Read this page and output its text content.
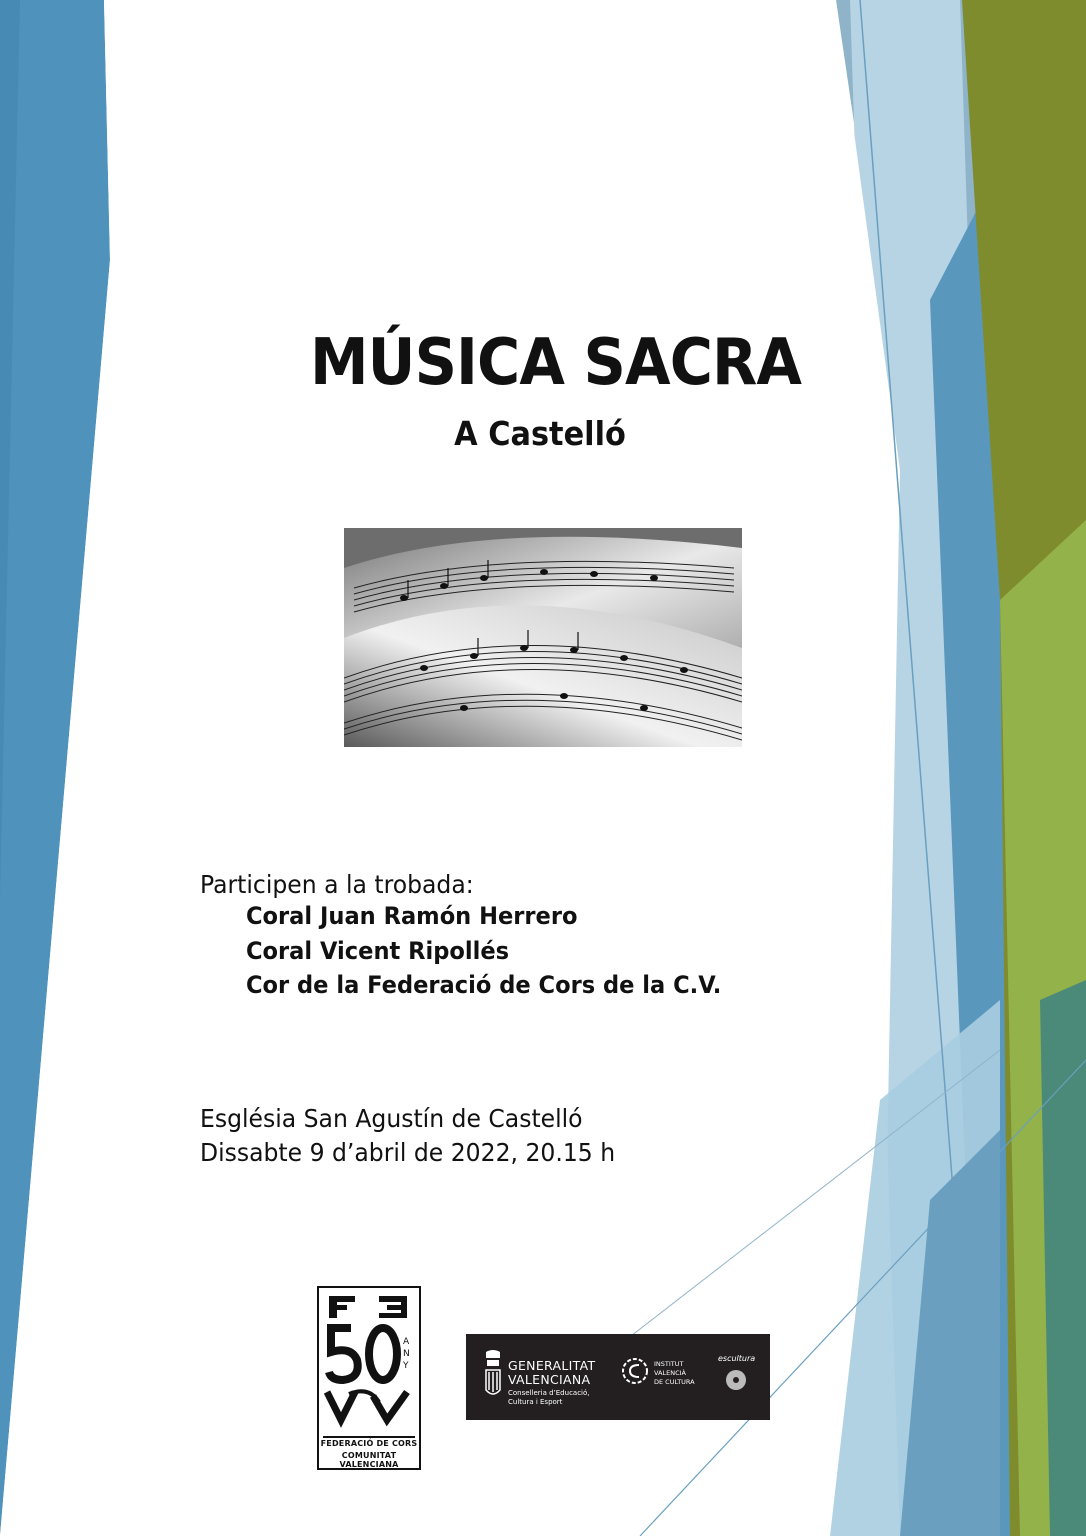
MÚSICA SACRA
A Castelló
Participen a la trobada:
Coral Juan Ramón Herrero
Coral Vicent Ripollés
Cor de la Federació de Cors de la C.V.
Església San Agustín de Castelló
Dissabte 9 d’abril de 2022, 20.15 h
A
N
Y
FEDERACIÓ DE CORS
COMUNITAT VALENCIANA
GENERALITAT
VALENCIANA
Conselleria d’Educació,
Cultura i Esport
INSTITUT
VALENCIÀ
DE CULTURA
escultura
